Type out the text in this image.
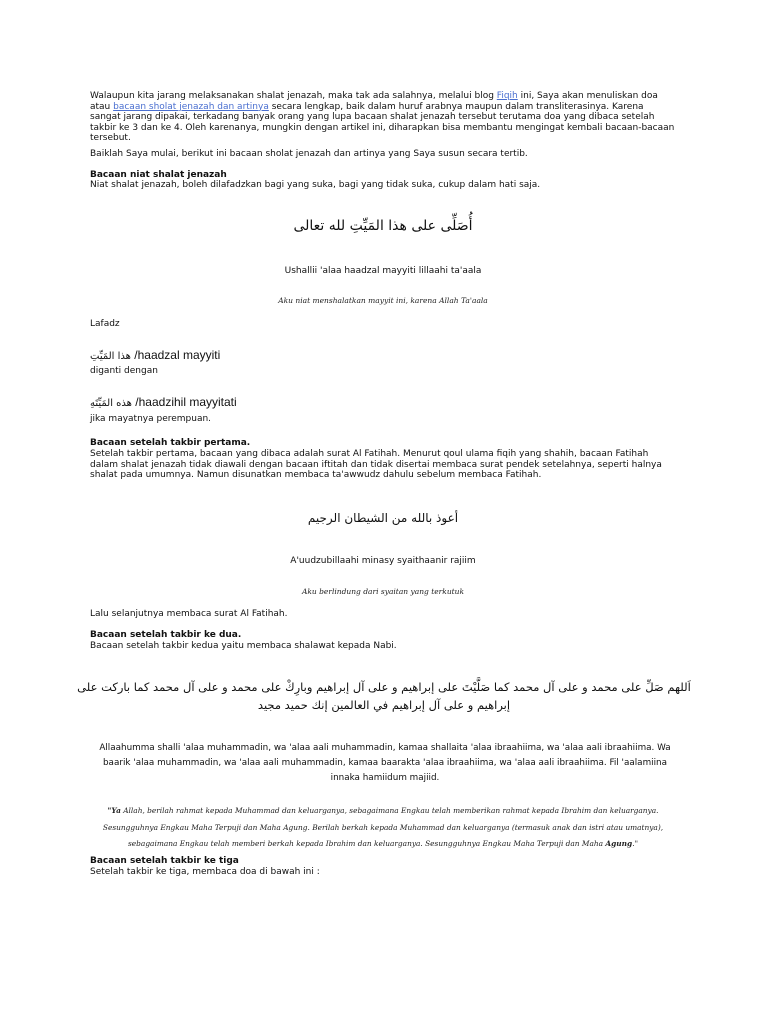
Walaupun kita jarang melaksanakan shalat jenazah, maka tak ada salahnya, melalui blog Fiqih ini, Saya akan menuliskan doa atau bacaan sholat jenazah dan artinya secara lengkap, baik dalam huruf arabnya maupun dalam transliterasinya. Karena sangat jarang dipakai, terkadang banyak orang yang lupa bacaan shalat jenazah tersebut terutama doa yang dibaca setelah takbir ke 3 dan ke 4. Oleh karenanya, mungkin dengan artikel ini, diharapkan bisa membantu mengingat kembali bacaan-bacaan tersebut.

Baiklah Saya mulai, berikut ini bacaan sholat jenazah dan artinya yang Saya susun secara tertib.

Bacaan niat shalat jenazah

Niat shalat jenazah, boleh dilafadzkan bagi yang suka, bagi yang tidak suka, cukup dalam hati saja.

أُصَلِّى على هذا المَيِّتِ لله تعالى

Ushallii 'alaa haadzal mayyiti lillaahi ta'aala

Aku niat menshalatkan mayyit ini, karena Allah Ta'aala

Lafadz

هذا المَيِّتِ /haadzal mayyiti

diganti dengan

هذه المَيِّتَهِ /haadzihil mayyitati

jika mayatnya perempuan.

Bacaan setelah takbir pertama.

Setelah takbir pertama, bacaan yang dibaca adalah surat Al Fatihah. Menurut qoul ulama fiqih yang shahih, bacaan Fatihah dalam shalat jenazah tidak diawali dengan bacaan iftitah dan tidak disertai membaca surat pendek setelahnya, seperti halnya shalat pada umumnya. Namun disunatkan membaca ta'awwudz dahulu sebelum membaca Fatihah.

أعوذ بالله من الشيطان الرجيم

A'uudzubillaahi minasy syaithaanir rajiim

Aku berlindung dari syaitan yang terkutuk

Lalu selanjutnya membaca surat Al Fatihah.

Bacaan setelah takbir ke dua.

Bacaan setelah takbir kedua yaitu membaca shalawat kepada Nabi.

اَللهم صَلِّ على محمد و على آل محمد كما صَلَّيْتَ على إبراهيم و على آل إبراهيم وبارِكْ على محمد و على آل محمد كما باركت على

إبراهيم و على آل إبراهيم في العالمين إنك حميد مجيد

Allaahumma shalli 'alaa muhammadin, wa 'alaa aali muhammadin, kamaa shallaita 'alaa ibraahiima, wa 'alaa aali ibraahiima. Wa

baarik 'alaa muhammadin, wa 'alaa aali muhammadin, kamaa baarakta 'alaa ibraahiima, wa 'alaa aali ibraahiima. Fil 'aalamiina

innaka hamiidum majiid.

"Ya Allah, berilah rahmat kepada Muhammad dan keluarganya, sebagaimana Engkau telah memberikan rahmat kepada Ibrahim dan keluarganya. Sesungguhnya Engkau Maha Terpuji dan Maha Agung. Berilah berkah kepada Muhammad dan keluarganya (termasuk anak dan istri atau umatnya), sebagaimana Engkau telah memberi berkah kepada Ibrahim dan keluarganya. Sesungguhnya Engkau Maha Terpuji dan Maha Agung."

Bacaan setelah takbir ke tiga

Setelah takbir ke tiga, membaca doa di bawah ini :
